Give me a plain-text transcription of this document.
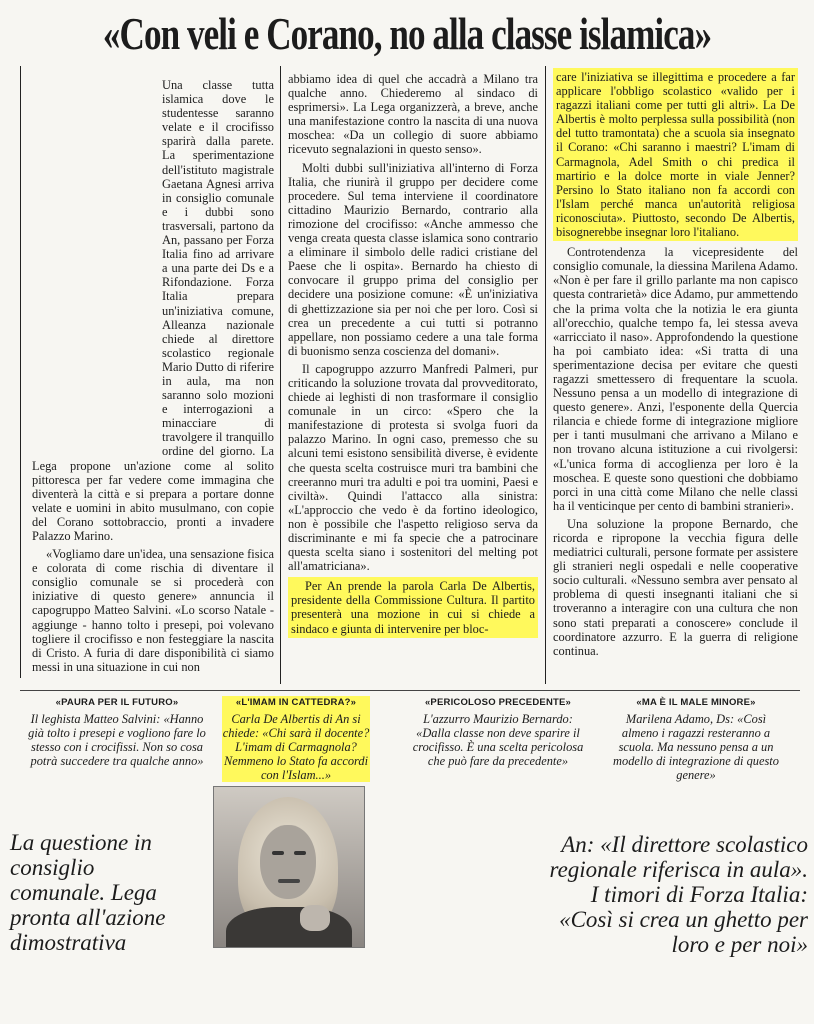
«Con veli e Corano, no alla classe islamica»

Una classe tutta islamica dove le studentesse saranno velate e il crocifisso sparirà dalla parete. La sperimentazione dell'istituto magistrale Gaetana Agnesi arriva in consiglio comunale e i dubbi sono trasversali, partono da An, passano per Forza Italia fino ad arrivare a una parte dei Ds e a Rifondazione. Forza Italia prepara un'iniziativa comune, Alleanza nazionale chiede al direttore scolastico regionale Mario Dutto di riferire in aula, ma non saranno solo mozioni e interrogazioni a minacciare di travolgere il tranquillo ordine del giorno. La Lega propone un'azione come al solito pittoresca per far vedere come immagina che diventerà la città e si prepara a portare donne velate e uomini in abito musulmano, con copie del Corano sottobraccio, pronti a invadere Palazzo Marino.

«Vogliamo dare un'idea, una sensazione fisica e colorata di come rischia di diventare il consiglio comunale se si procederà con iniziative di questo genere» annuncia il capogruppo Matteo Salvini. «Lo scorso Natale - aggiunge - hanno tolto i presepi, poi volevano togliere il crocifisso e non festeggiare la nascita di Cristo. A furia di dare disponibilità ci siamo messi in una situazione in cui non

abbiamo idea di quel che accadrà a Milano tra qualche anno. Chiederemo al sindaco di esprimersi». La Lega organizzerà, a breve, anche una manifestazione contro la nascita di una nuova moschea: «Da un collegio di suore abbiamo ricevuto segnalazioni in questo senso».

Molti dubbi sull'iniziativa all'interno di Forza Italia, che riunirà il gruppo per decidere come procedere. Sul tema interviene il coordinatore cittadino Maurizio Bernardo, contrario alla rimozione del crocifisso: «Anche ammesso che venga creata questa classe islamica sono contrario a eliminare il simbolo delle radici cristiane del Paese che li ospita». Bernardo ha chiesto di convocare il gruppo prima del consiglio per decidere una posizione comune: «È un'iniziativa di ghettizzazione sia per noi che per loro. Così si crea un precedente a cui tutti si potranno appellare, non possiamo cedere a una tale forma di buonismo senza coscienza del domani».

Il capogruppo azzurro Manfredi Palmeri, pur criticando la soluzione trovata dal provveditorato, chiede ai leghisti di non trasformare il consiglio comunale in un circo: «Spero che la manifestazione di protesta si svolga fuori da palazzo Marino. In ogni caso, premesso che su alcuni temi esistono sensibilità diverse, è evidente che questa scelta costruisce muri tra bambini che creeranno muri tra adulti e poi tra uomini, Paesi e civiltà». Quindi l'attacco alla sinistra: «L'approccio che vedo è da fortino ideologico, non è possibile che l'aspetto religioso serva da discriminante e mi fa specie che a patrocinare questa scelta siano i sostenitori del melting pot all'amatriciana».

Per An prende la parola Carla De Albertis, presidente della Commissione Cultura. Il partito presenterà una mozione in cui si chiede a sindaco e giunta di intervenire per bloc-

care l'iniziativa se illegittima e procedere a far applicare l'obbligo scolastico «valido per i ragazzi italiani come per tutti gli altri». La De Albertis è molto perplessa sulla possibilità (non del tutto tramontata) che a scuola sia insegnato il Corano: «Chi saranno i maestri? L'imam di Carmagnola, Adel Smith o chi predica il martirio e la dolce morte in viale Jenner? Persino lo Stato italiano non fa accordi con l'Islam perché manca un'autorità religiosa riconosciuta». Piuttosto, secondo De Albertis, bisognerebbe insegnar loro l'italiano.

Controtendenza la vicepresidente del consiglio comunale, la diessina Marilena Adamo. «Non è per fare il grillo parlante ma non capisco questa contrarietà» dice Adamo, pur ammettendo che la prima volta che la notizia le era giunta all'orecchio, qualche tempo fa, lei stessa aveva «arricciato il naso». Approfondendo la questione ha poi cambiato idea: «Si tratta di una sperimentazione decisa per evitare che questi ragazzi smettessero di frequentare la scuola. Nessuno pensa a un modello di integrazione di questo genere». Anzi, l'esponente della Quercia rilancia e chiede forme di integrazione migliore per i tanti musulmani che arrivano a Milano e non trovano alcuna istituzione a cui rivolgersi: «L'unica forma di accoglienza per loro è la moschea. E queste sono questioni che dobbiamo porci in una città come Milano che nelle classi ha il venticinque per cento di bambini stranieri».

Una soluzione la propone Bernardo, che ricorda e ripropone la vecchia figura delle mediatrici culturali, persone formate per assistere gli stranieri negli ospedali e nelle cooperative socio culturali. «Nessuno sembra aver pensato al problema di questi insegnanti italiani che si troveranno a interagire con una cultura che non sono stati preparati a conoscere» conclude il coordinatore azzurro. E la guerra di religione continua.

«PAURA PER IL FUTURO»
Il leghista Matteo Salvini: «Hanno già tolto i presepi e vogliono fare lo stesso con i crocifissi. Non so cosa potrà succedere tra qualche anno»
«L'IMAM IN CATTEDRA?»
Carla De Albertis di An si chiede: «Chi sarà il docente? L'imam di Carmagnola? Nemmeno lo Stato fa accordi con l'Islam...»
«PERICOLOSO PRECEDENTE»
L'azzurro Maurizio Bernardo: «Dalla classe non deve sparire il crocifisso. È una scelta pericolosa che può fare da precedente»
«MA È IL MALE MINORE»
Marilena Adamo, Ds: «Così almeno i ragazzi resteranno a scuola. Ma nessuno pensa a un modello di integrazione di questo genere»
La questione in consiglio comunale. Lega pronta all'azione dimostrativa
An: «Il direttore scolastico regionale riferisca in aula». I timori di Forza Italia: «Così si crea un ghetto per loro e per noi»
